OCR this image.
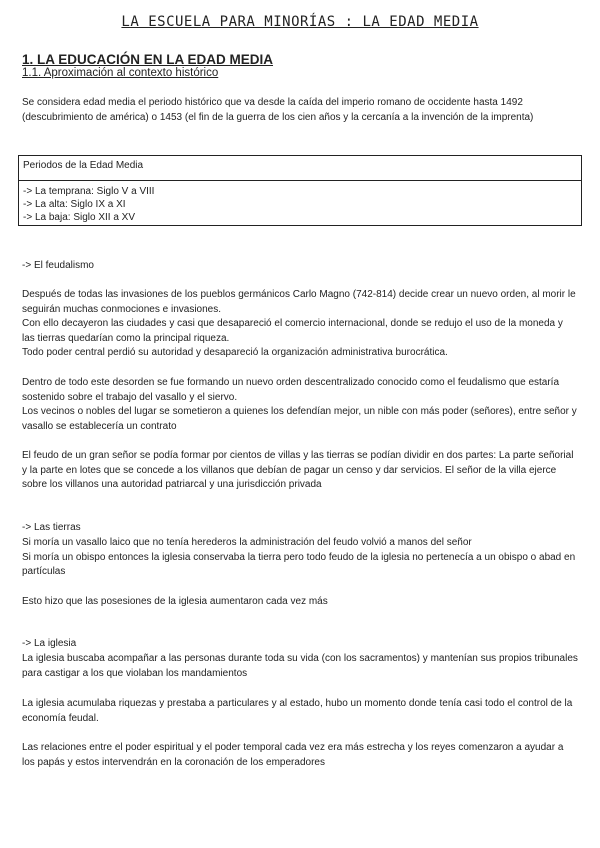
LA ESCUELA PARA MINORÍAS : LA EDAD MEDIA
1. LA EDUCACIÓN EN LA EDAD MEDIA
1.1. Aproximación al contexto histórico

Se considera edad media el periodo histórico que va desde la caída del imperio romano de occidente hasta 1492 (descubrimiento de américa) o 1453 (el fin de la guerra de los cien años y la cercanía a la invención de la imprenta)

Periodos de la Edad Media
-> La temprana: Siglo V a VIII
-> La alta: Siglo IX a XI
-> La baja: Siglo XII a XV
-> El feudalismo

Después de todas las invasiones de los pueblos germánicos Carlo Magno (742-814) decide crear un nuevo orden, al morir le seguirán muchas conmociones e invasiones.
Con ello decayeron las ciudades y casi que desapareció el comercio internacional, donde se redujo el uso de la moneda y las tierras quedarían como la principal riqueza.
Todo poder central perdió su autoridad y desapareció la organización administrativa burocrática.

Dentro de todo este desorden se fue formando un nuevo orden descentralizado conocido como el feudalismo que estaría sostenido sobre el trabajo del vasallo y el siervo.
Los vecinos o nobles del lugar se sometieron a quienes los defendían mejor, un nible con más poder (señores), entre señor y vasallo se establecería un contrato

El feudo de un gran señor se podía formar por cientos de villas y las tierras se podían dividir en dos partes: La parte señorial y la parte en lotes que se concede a los villanos que debían de pagar un censo y dar servicios. El señor de la villa ejerce sobre los villanos una autoridad patriarcal y una jurisdicción privada

-> Las tierras

Si moría un vasallo laico que no tenía herederos la administración del feudo volvió a manos del señor
Si moría un obispo entonces la iglesia conservaba la tierra pero todo feudo de la iglesia no pertenecía a un obispo o abad en partículas

Esto hizo que las posesiones de la iglesia aumentaron cada vez más

-> La iglesia

La iglesia buscaba acompañar a las personas durante toda su vida (con los sacramentos) y mantenían sus propios tribunales para castigar a los que violaban los mandamientos

La iglesia acumulaba riquezas y prestaba a particulares y al estado, hubo un momento donde tenía casi todo el control de la economía feudal.

Las relaciones entre el poder espiritual y el poder temporal cada vez era más estrecha y los reyes comenzaron a ayudar a los papás y estos intervendrán en la coronación de los emperadores
